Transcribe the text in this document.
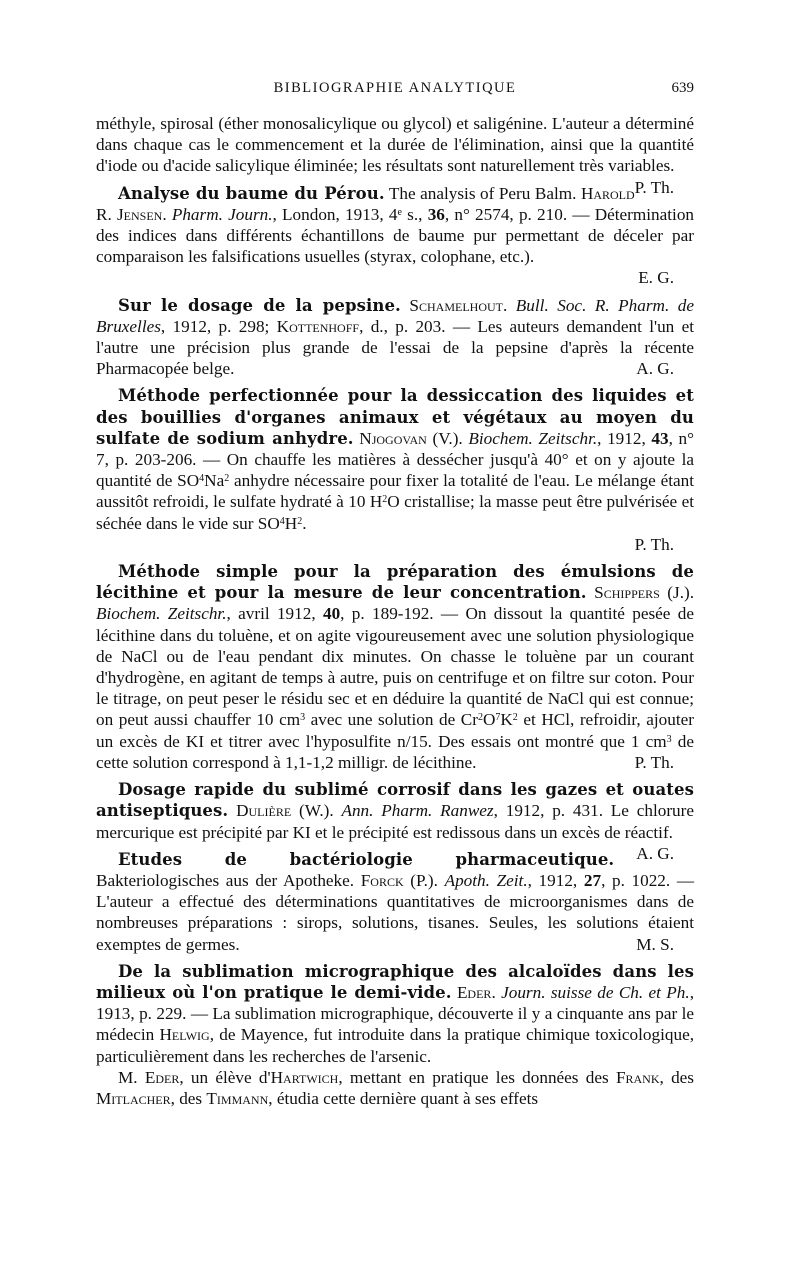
BIBLIOGRAPHIE ANALYTIQUE	639

méthyle, spirosal (éther monosalicylique ou glycol) et saligénine. L'auteur a déterminé dans chaque cas le commencement et la durée de l'élimination, ainsi que la quantité d'iode ou d'acide salicylique éliminée; les résultats sont naturellement très variables.
P. Th.

Analyse du baume du Pérou. The analysis of Peru Balm. Harold R. Jensen. Pharm. Journ., London, 1913, 4e s., 36, n° 2574, p. 210. — Détermination des indices dans différents échantillons de baume pur permettant de déceler par comparaison les falsifications usuelles (styrax, colophane, etc.).

E. G.

Sur le dosage de la pepsine. Schamelhout. Bull. Soc. R. Pharm. de Bruxelles, 1912, p. 298; Kottenhoff, d., p. 203. — Les auteurs demandent l'un et l'autre une précision plus grande de l'essai de la pepsine d'après la récente Pharmacopée belge.	A. G.

Méthode perfectionnée pour la dessiccation des liquides et des bouillies d'organes animaux et végétaux au moyen du sulfate de sodium anhydre. Njogovan (V.). Biochem. Zeitschr., 1912, 43, n° 7, p. 203-206. — On chauffe les matières à dessécher jusqu'à 40° et on y ajoute la quantité de $SO^4Na^2$ anhydre nécessaire pour fixer la totalité de l'eau. Le mélange étant aussitôt refroidi, le sulfate hydraté à 10 $H^2O$ cristallise; la masse peut être pulvérisée et séchée dans le vide sur $SO^4H^2$.

P. Th.

Méthode simple pour la préparation des émulsions de lécithine et pour la mesure de leur concentration. Schippers (J.). Biochem. Zeitschr., avril 1912, 40, p. 189-192. — On dissout la quantité pesée de lécithine dans du toluène, et on agite vigoureusement avec une solution physiologique de NaCl ou de l'eau pendant dix minutes. On chasse le toluène par un courant d'hydrogène, en agitant de temps à autre, puis on centrifuge et on filtre sur coton. Pour le titrage, on peut peser le résidu sec et en déduire la quantité de NaCl qui est connue; on peut aussi chauffer 10 $cm^3$ avec une solution de $Cr^2O^7K^2$ et HCl, refroidir, ajouter un excès de KI et titrer avec l'hyposulfite n/15. Des essais ont montré que 1 $cm^3$ de cette solution correspond à 1,1-1,2 milligr. de lécithine.	P. Th.

Dosage rapide du sublimé corrosif dans les gazes et ouates antiseptiques. Dulière (W.). Ann. Pharm. Ranwez, 1912, p. 431. Le chlorure mercurique est précipité par KI et le précipité est redissous dans un excès de réactif.
A. G.

Etudes de bactériologie pharmaceutique. Bakteriologisches aus der Apotheke. Forck (P.). Apoth. Zeit., 1912, 27, p. 1022. — L'auteur a effectué des déterminations quantitatives de microorganismes dans de nombreuses préparations : sirops, solutions, tisanes. Seules, les solutions étaient exemptes de germes.	M. S.

De la sublimation micrographique des alcaloïdes dans les milieux où l'on pratique le demi-vide. Eder. Journ. suisse de Ch. et Ph., 1913, p. 229. — La sublimation micrographique, découverte il y a cinquante ans par le médecin Helwig, de Mayence, fut introduite dans la pratique chimique toxicologique, particulièrement dans les recherches de l'arsenic.

M. Eder, un élève d'Hartwich, mettant en pratique les données des Frank, des Mitlacher, des Timmann, étudia cette dernière quant à ses effets
